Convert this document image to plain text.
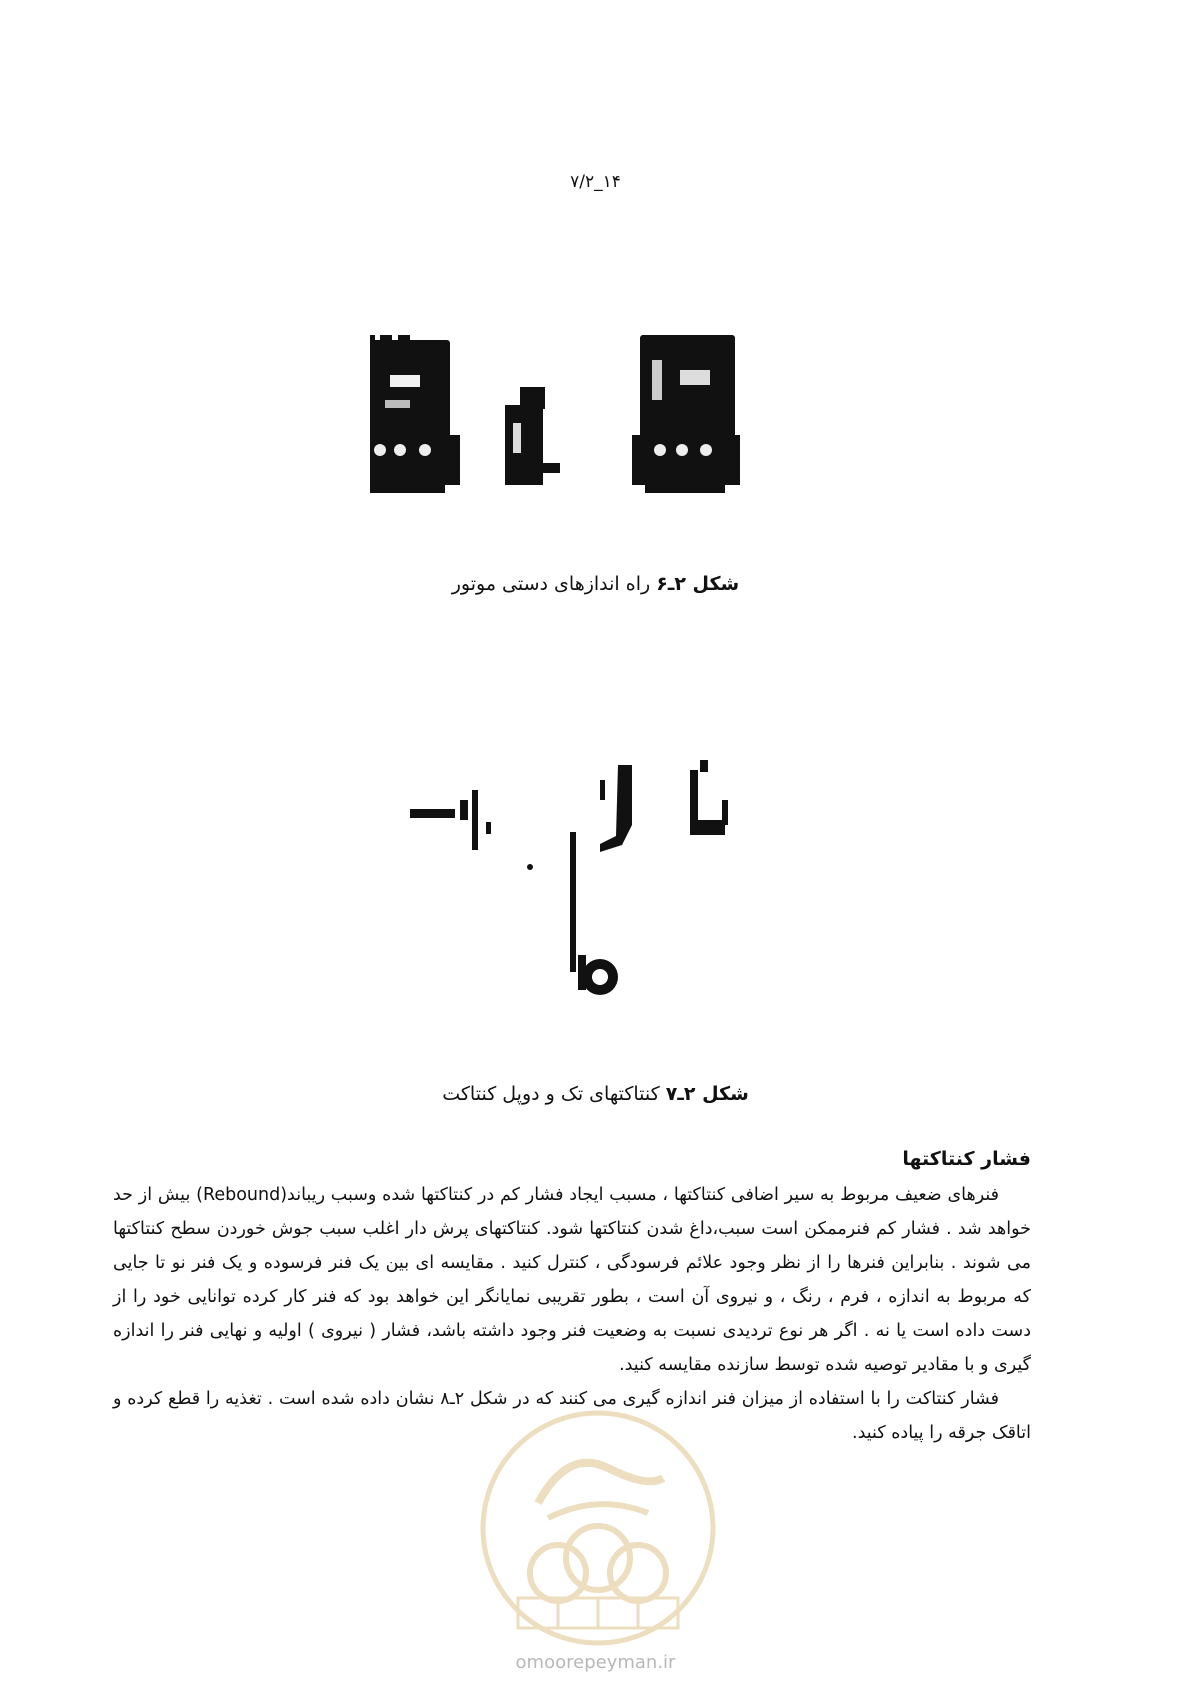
۷/۲_۱۴
شکل ۲ـ۶ راه اندازهای دستی موتور
شکل ۲ـ۷ کنتاکتهای تک و دوپل کنتاکت
فشار کنتاکتها

فنرهای ضعیف مربوط به سیر اضافی کنتاکتها ، مسبب ایجاد فشار کم در کنتاکتها شده وسبب ریباند(Rebound) بیش از حد خواهد شد . فشار کم فنرممکن است سبب،داغ شدن کنتاکتها شود. کنتاکتهای پرش دار اغلب سبب جوش خوردن سطح کنتاکتها می شوند . بنابراین فنرها را از نظر وجود علائم فرسودگی ، کنترل کنید . مقایسه ای بین یک فنر فرسوده و یک فنر نو تا جایی که مربوط به اندازه ، فرم ، رنگ ، و نیروی آن است ، بطور تقریبی نمایانگر این خواهد بود که فنر کار کرده توانایی خود را از دست داده است یا نه . اگر هر نوع تردیدی نسبت به وضعیت فنر وجود داشته باشد، فشار ( نیروی ) اولیه و نهایی فنر را اندازه گیری و با مقادیر توصیه شده توسط سازنده مقایسه کنید.

فشار کنتاکت را با استفاده از میزان فنر اندازه گیری می کنند که در شکل ۲ـ۸ نشان داده شده است . تغذیه را قطع کرده و اتاقک جرقه را پیاده کنید.

omoorepeyman.ir
